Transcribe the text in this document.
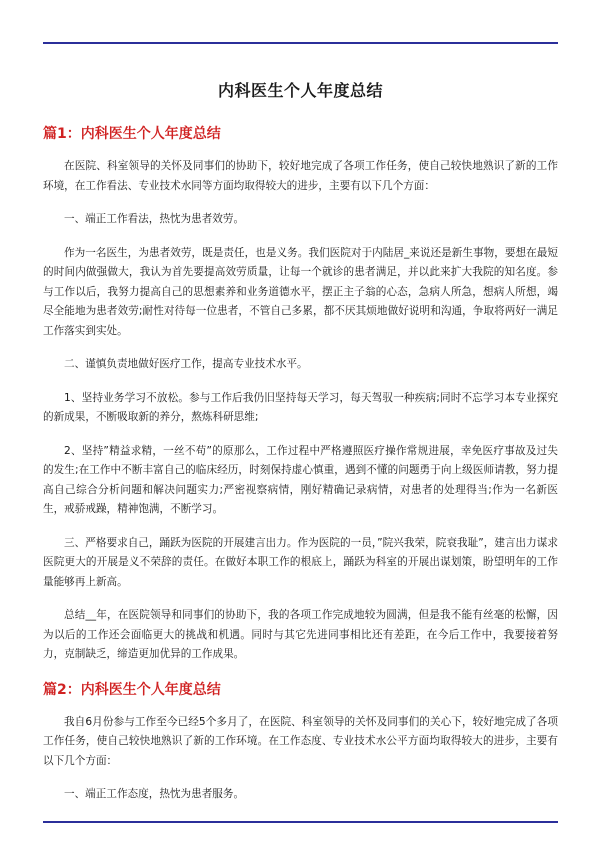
内科医生个人年度总结
篇1：内科医生个人年度总结

在医院、科室领导的关怀及同事们的协助下，较好地完成了各项工作任务，使自己较快地熟识了新的工作环境，在工作看法、专业技术水同等方面均取得较大的进步，主要有以下几个方面：

一、端正工作看法，热忱为患者效劳。

作为一名医生，为患者效劳，既是责任，也是义务。我们医院对于内陆居_来说还是新生事物，要想在最短的时间内做强做大，我认为首先要提高效劳质量，让每一个就诊的患者满足，并以此来扩大我院的知名度。参与工作以后，我努力提高自己的思想素养和业务道德水平，摆正主子翁的心态，急病人所急，想病人所想，竭尽全能地为患者效劳;耐性对待每一位患者，不管自己多累，都不厌其烦地做好说明和沟通，争取将两好一满足工作落实到实处。

二、谨慎负责地做好医疗工作，提高专业技术水平。

1、坚持业务学习不放松。参与工作后我仍旧坚持每天学习，每天驾驭一种疾病;同时不忘学习本专业探究的新成果，不断吸取新的养分，熬炼科研思维;

2、坚持”精益求精，一丝不苟”的原那么，工作过程中严格遵照医疗操作常规进展，幸免医疗事故及过失的发生;在工作中不断丰富自己的临床经历，时刻保持虚心慎重，遇到不懂的问题勇于向上级医师请教，努力提高自己综合分析问题和解决问题实力;严密视察病情，刚好精确记录病情，对患者的处理得当;作为一名新医生，戒骄戒躁，精神饱满，不断学习。

三、严格要求自己，踊跃为医院的开展建言出力。作为医院的一员，”院兴我荣，院衰我耻”，建言出力谋求医院更大的开展是义不荣辞的责任。在做好本职工作的根底上，踊跃为科室的开展出谋划策，盼望明年的工作量能够再上新高。

总结__年，在医院领导和同事们的协助下，我的各项工作完成地较为圆满，但是我不能有丝毫的松懈，因为以后的工作还会面临更大的挑战和机遇。同时与其它先进同事相比还有差距，在今后工作中，我要接着努力，克制缺乏，缔造更加优异的工作成果。

篇2：内科医生个人年度总结

我自6月份参与工作至今已经5个多月了，在医院、科室领导的关怀及同事们的关心下，较好地完成了各项工作任务，使自己较快地熟识了新的工作环境。在工作态度、专业技术水公平方面均取得较大的进步，主要有以下几个方面：

一、端正工作态度，热忱为患者服务。
